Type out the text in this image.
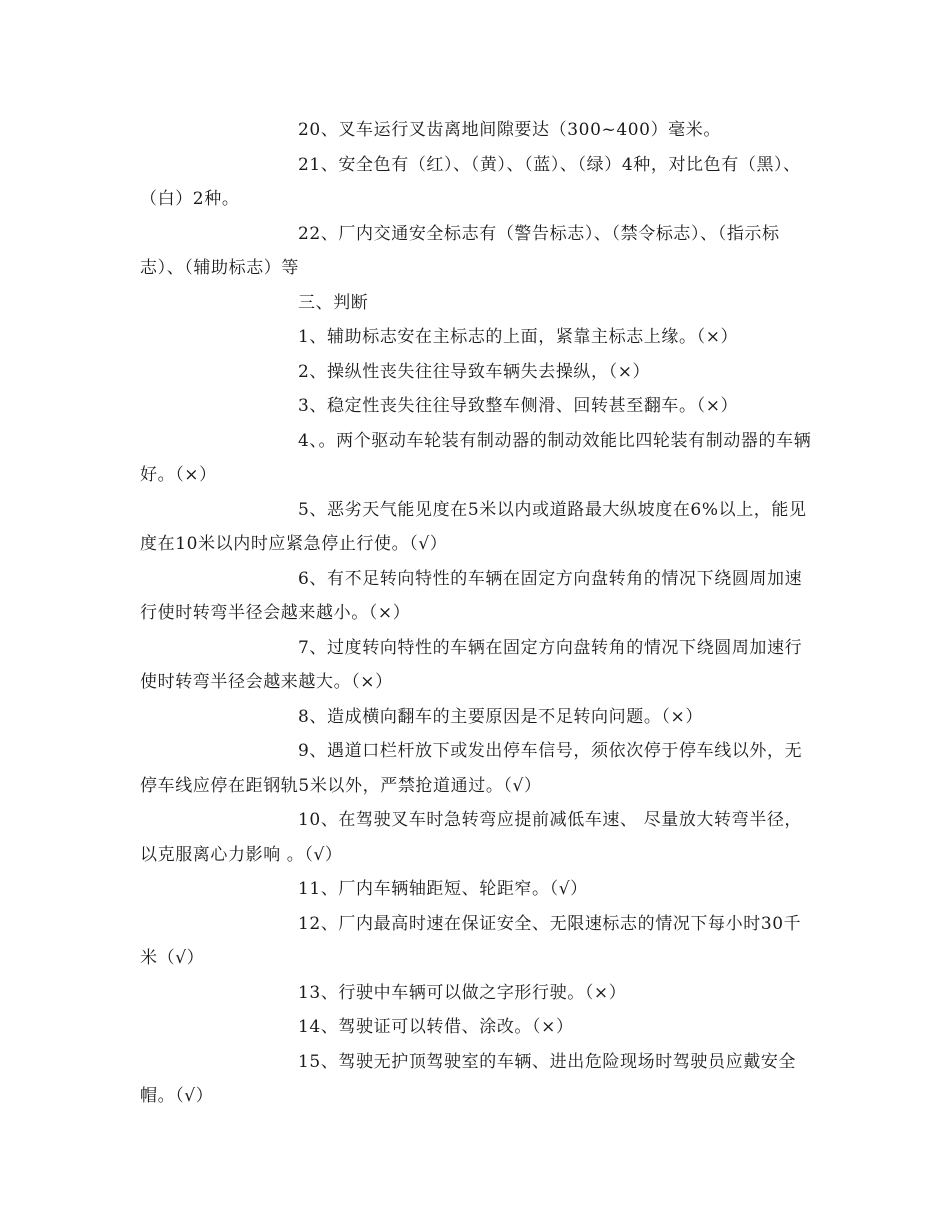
20、叉车运行叉齿离地间隙要达（300~400）毫米。

21、安全色有（红）、（黄）、（蓝）、（绿）4种，对比色有（黑）、（白）2种。

22、厂内交通安全标志有（警告标志）、（禁令标志）、（指示标志）、（辅助标志）等

三、判断

1、辅助标志安在主标志的上面，紧靠主标志上缘。（×）

2、操纵性丧失往往导致车辆失去操纵，（×）

3、稳定性丧失往往导致整车侧滑、回转甚至翻车。（×）

4、。两个驱动车轮装有制动器的制动效能比四轮装有制动器的车辆好。（×）

5、恶劣天气能见度在5米以内或道路最大纵坡度在6%以上，能见度在10米以内时应紧急停止行使。（√）

6、有不足转向特性的车辆在固定方向盘转角的情况下绕圆周加速行使时转弯半径会越来越小。（×）

7、过度转向特性的车辆在固定方向盘转角的情况下绕圆周加速行使时转弯半径会越来越大。（×）

8、造成横向翻车的主要原因是不足转向问题。（×）

9、遇道口栏杆放下或发出停车信号，须依次停于停车线以外，无停车线应停在距钢轨5米以外，严禁抢道通过。（√）

10、在驾驶叉车时急转弯应提前减低车速、 尽量放大转弯半径，以克服离心力影响 。（√）

11、厂内车辆轴距短、轮距窄。（√）

12、厂内最高时速在保证安全、无限速标志的情况下每小时30千米（√）

13、行驶中车辆可以做之字形行驶。（×）

14、驾驶证可以转借、涂改。（×）

15、驾驶无护顶驾驶室的车辆、进出危险现场时驾驶员应戴安全帽。（√）
